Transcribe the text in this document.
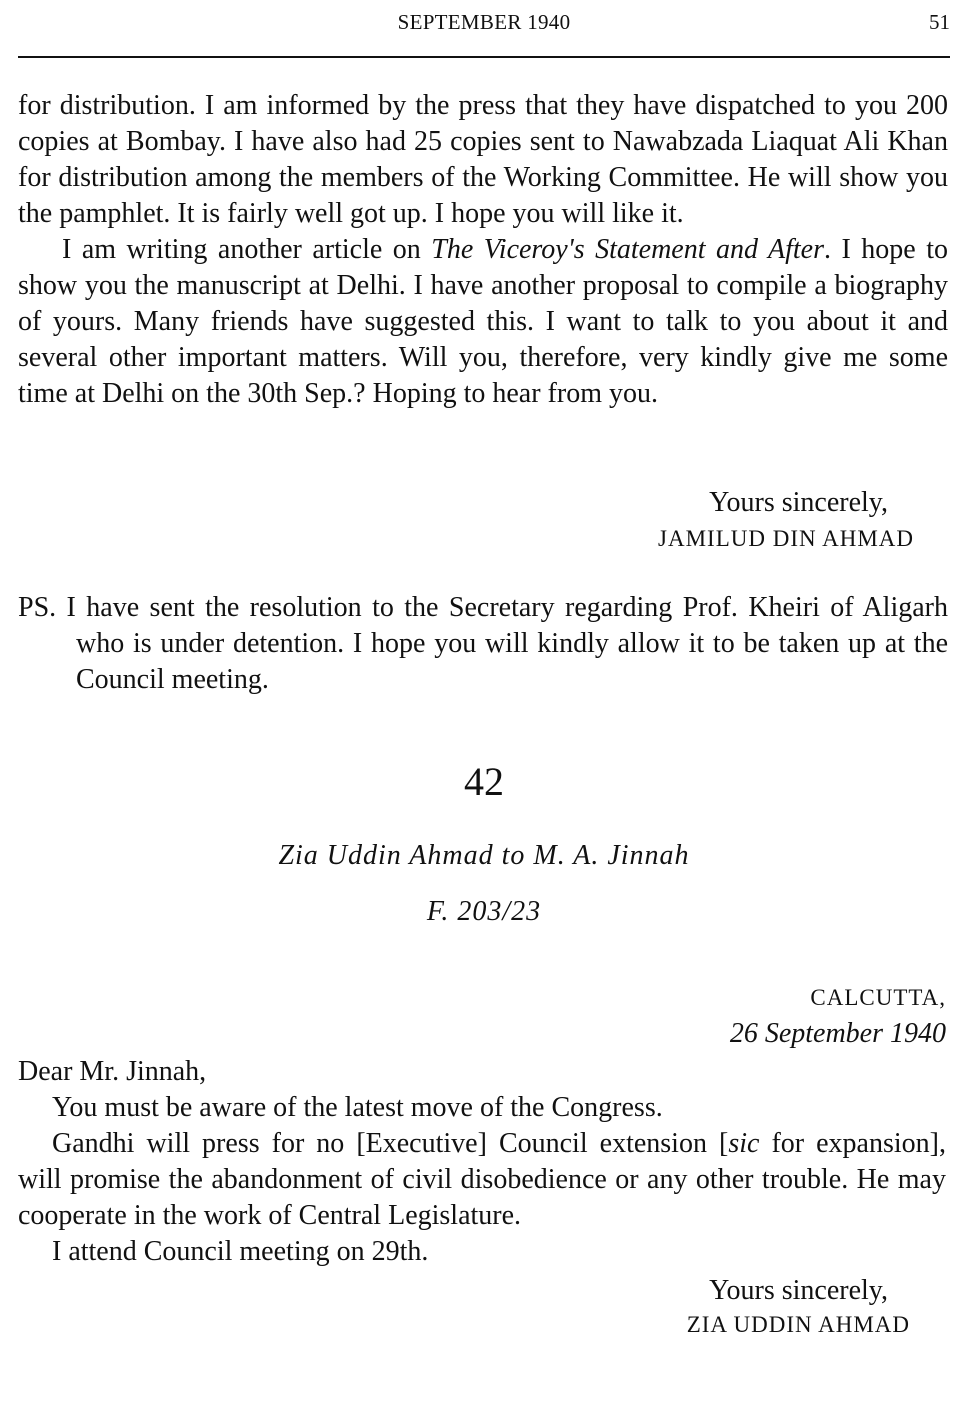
SEPTEMBER 1940	51

for distribution. I am informed by the press that they have dispatched to you 200 copies at Bombay. I have also had 25 copies sent to Nawabzada Liaquat Ali Khan for distribution among the members of the Working Committee. He will show you the pamphlet. It is fairly well got up. I hope you will like it.

I am writing another article on The Viceroy's Statement and After. I hope to show you the manuscript at Delhi. I have another proposal to compile a biography of yours. Many friends have suggested this. I want to talk to you about it and several other important matters. Will you, therefore, very kindly give me some time at Delhi on the 30th Sep.? Hoping to hear from you.

Yours sincerely,
JAMILUD DIN AHMAD

PS. I have sent the resolution to the Secretary regarding Prof. Kheiri of Aligarh who is under detention. I hope you will kindly allow it to be taken up at the Council meeting.

42
Zia Uddin Ahmad to M. A. Jinnah
F. 203/23
CALCUTTA,
26 September 1940

Dear Mr. Jinnah,

You must be aware of the latest move of the Congress.

Gandhi will press for no [Executive] Council extension [sic for expansion], will promise the abandonment of civil disobedience or any other trouble. He may cooperate in the work of Central Legislature.

I attend Council meeting on 29th.

Yours sincerely,
ZIA UDDIN AHMAD
